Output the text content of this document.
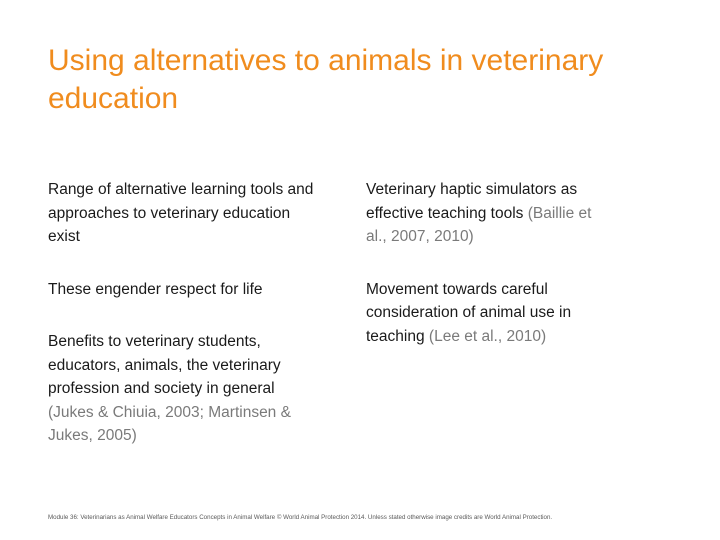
Using alternatives to animals in veterinary education

Range of alternative learning tools and approaches to veterinary education exist

These engender respect for life

Benefits to veterinary students, educators, animals, the veterinary profession and society in general (Jukes & Chiuia, 2003; Martinsen & Jukes, 2005)

Veterinary haptic simulators as effective teaching tools (Baillie et al., 2007, 2010)

Movement towards careful consideration of animal use in teaching (Lee et al., 2010)

Module 36: Veterinarians as Animal Welfare Educators Concepts in Animal Welfare © World Animal Protection 2014. Unless stated otherwise image credits are World Animal Protection.
